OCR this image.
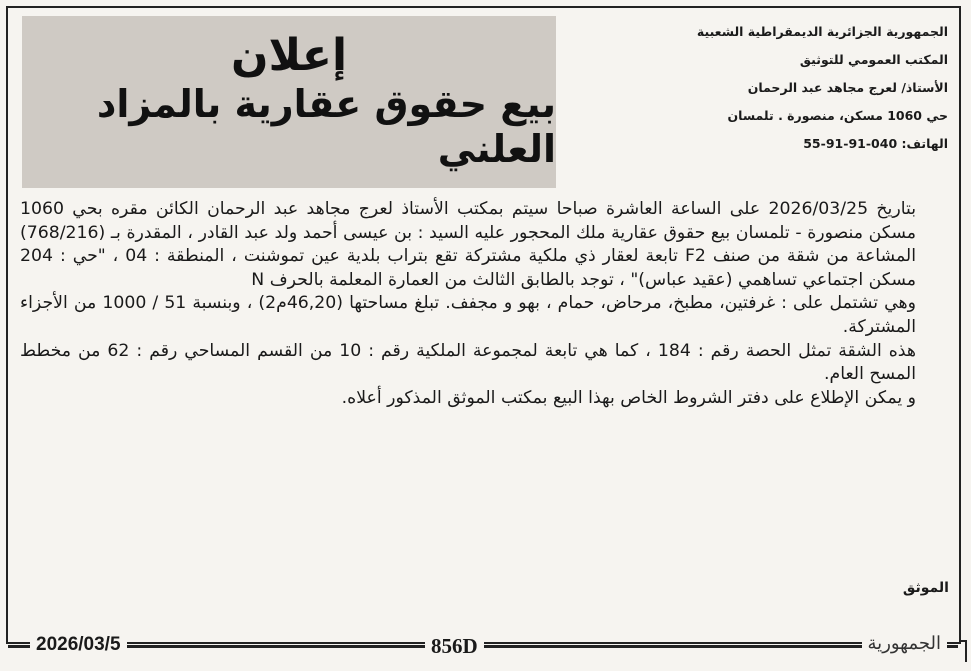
إعلان
بيع حقوق عقارية بالمزاد العلني
الجمهورية الجزائرية الديمقراطية الشعبية
المكتب العمومي للتوثيق
الأستاذ/ لعرج مجاهد عبد الرحمان
حي 1060 مسكن، منصورة . تلمسان
الهاتف: 040-91-91-55

بتاريخ 2026/03/25 على الساعة العاشرة صباحا سيتم بمكتب الأستاذ لعرج مجاهد عبد الرحمان الكائن مقره بحي 1060 مسكن منصورة - تلمسان بيع حقوق عقارية ملك المحجور عليه السيد : بن عيسى أحمد ولد عبد القادر ، المقدرة بـ (768/216) المشاعة من شقة من صنف F2 تابعة لعقار ذي ملكية مشتركة تقع بتراب بلدية عين تموشنت ، المنطقة : 04 ، "حي : 204 مسكن اجتماعي تساهمي (عقيد عباس)" ، توجد بالطابق الثالث من العمارة المعلمة بالحرف N

وهي تشتمل على : غرفتين، مطبخ، مرحاض، حمام ، بهو و مجفف. تبلغ مساحتها (46,20م2) ، وبنسبة 51 / 1000 من الأجزاء المشتركة.

هذه الشقة تمثل الحصة رقم : 184 ، كما هي تابعة لمجموعة الملكية رقم : 10 من القسم المساحي رقم : 62 من مخطط المسح العام.

و يمكن الإطلاع على دفتر الشروط الخاص بهذا البيع بمكتب الموثق المذكور أعلاه.

الموثق
2026/03/5	856D	الجمهورية
